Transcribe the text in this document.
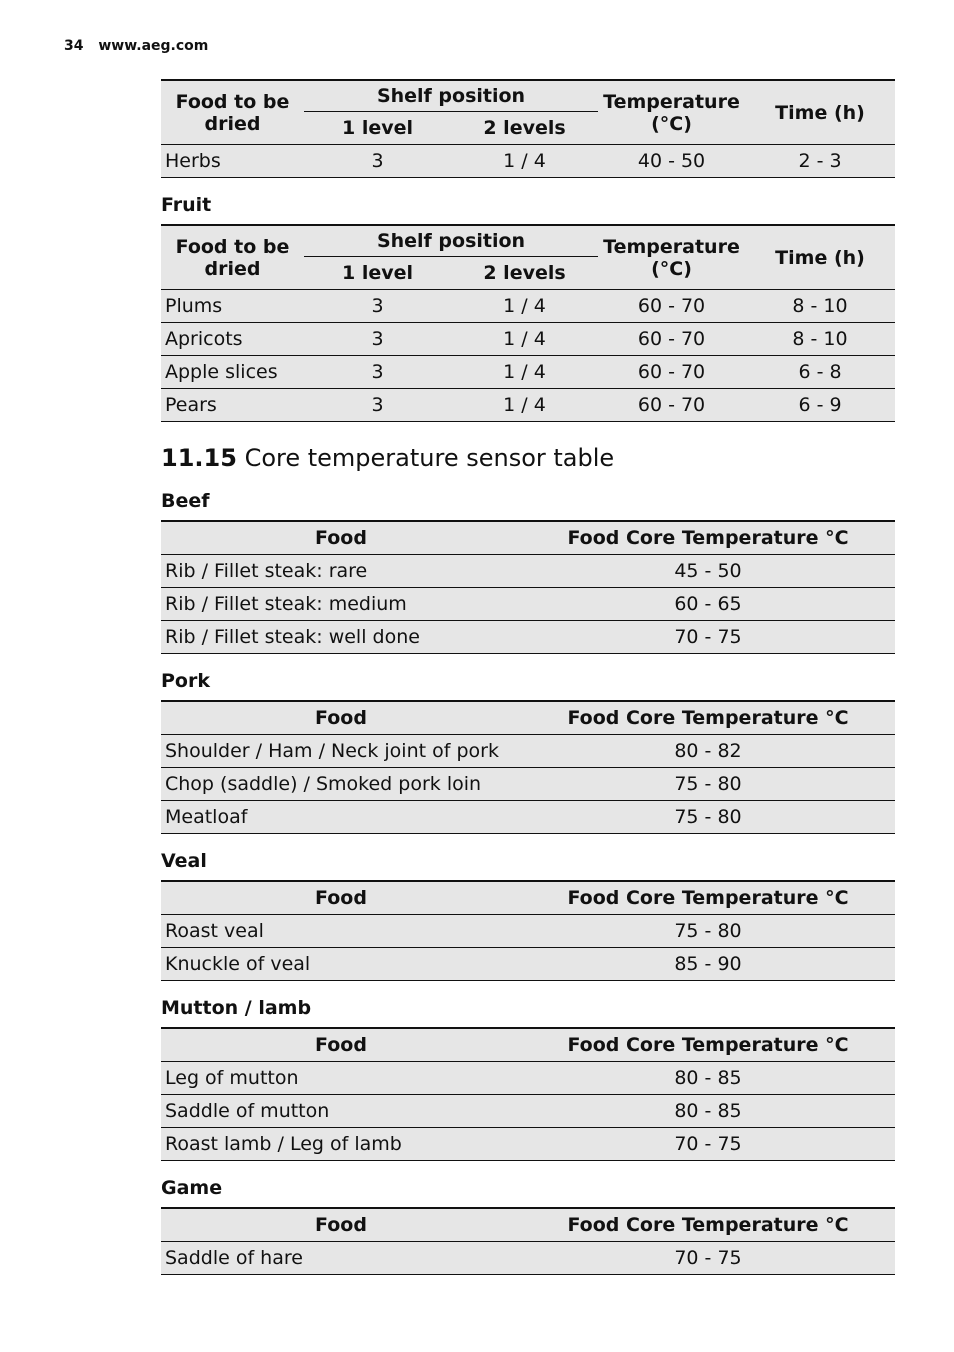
34 www.aeg.com
Food to be dried	Shelf position		Temperature (°C)	Time (h)
	1 level	2 levels		
Herbs	3	1 / 4	40 - 50	2 - 3
Fruit
Food to be dried	Shelf position		Temperature (°C)	Time (h)
	1 level	2 levels		
Plums	3	1 / 4	60 - 70	8 - 10
Apricots	3	1 / 4	60 - 70	8 - 10
Apple slices	3	1 / 4	60 - 70	6 - 8
Pears	3	1 / 4	60 - 70	6 - 9
11.15 Core temperature sensor table
Beef
Food	Food Core Temperature °C
Rib / Fillet steak: rare	45 - 50
Rib / Fillet steak: medium	60 - 65
Rib / Fillet steak: well done	70 - 75
Pork
Food	Food Core Temperature °C
Shoulder / Ham / Neck joint of pork	80 - 82
Chop (saddle) / Smoked pork loin	75 - 80
Meatloaf	75 - 80
Veal
Food	Food Core Temperature °C
Roast veal	75 - 80
Knuckle of veal	85 - 90
Mutton / lamb
Food	Food Core Temperature °C
Leg of mutton	80 - 85
Saddle of mutton	80 - 85
Roast lamb / Leg of lamb	70 - 75
Game
Food	Food Core Temperature °C
Saddle of hare	70 - 75
